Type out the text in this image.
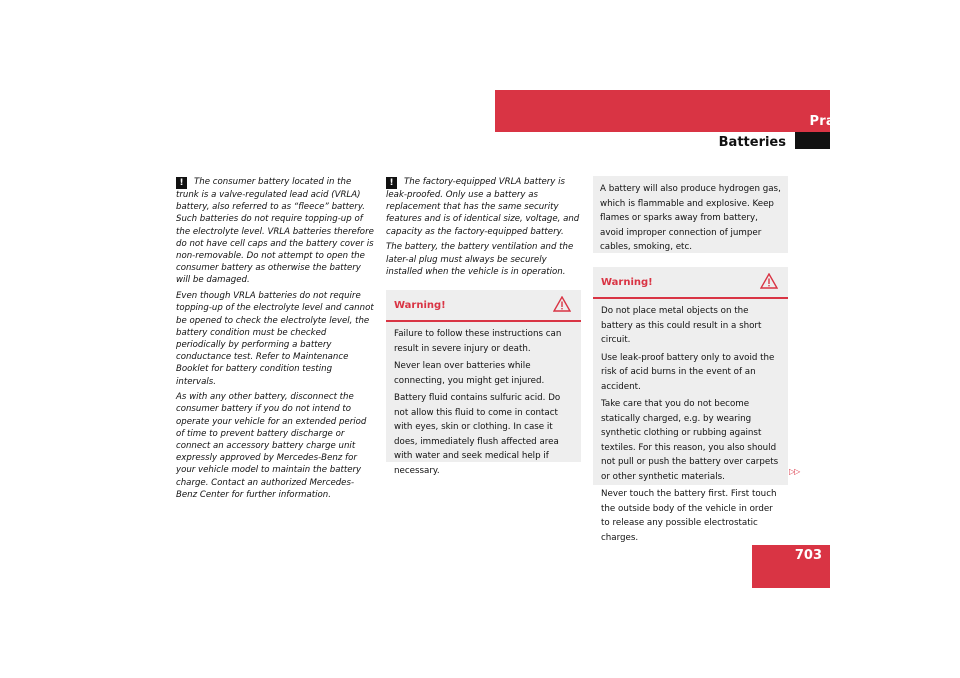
Practical hints
Batteries
703

! The consumer battery located in the trunk is a valve-regulated lead acid (VRLA) battery, also referred to as “fleece” battery. Such batteries do not require topping-up of the electrolyte level. VRLA batteries therefore do not have cell caps and the battery cover is non-removable. Do not attempt to open the consumer battery as otherwise the battery will be damaged.

Even though VRLA batteries do not require topping-up of the electrolyte level and cannot be opened to check the electrolyte level, the battery condition must be checked periodically by performing a battery conductance test. Refer to Maintenance Booklet for battery condition testing intervals.

As with any other battery, disconnect the consumer battery if you do not intend to operate your vehicle for an extended period of time to prevent battery discharge or connect an accessory battery charge unit expressly approved by Mercedes-Benz for your vehicle model to maintain the battery charge. Contact an authorized Mercedes-Benz Center for further information.

! The factory-equipped VRLA battery is leak-proofed. Only use a battery as replacement that has the same security features and is of identical size, voltage, and capacity as the factory-equipped battery.

The battery, the battery ventilation and the later-al plug must always be securely installed when the vehicle is in operation.

Warning!

Failure to follow these instructions can result in severe injury or death.

Never lean over batteries while connecting, you might get injured.

Battery fluid contains sulfuric acid. Do not allow this fluid to come in contact with eyes, skin or clothing. In case it does, immediately flush affected area with water and seek medical help if necessary.

A battery will also produce hydrogen gas, which is flammable and explosive. Keep flames or sparks away from battery, avoid improper connection of jumper cables, smoking, etc.

Warning!

Do not place metal objects on the battery as this could result in a short circuit.

Use leak-proof battery only to avoid the risk of acid burns in the event of an accident.

Take care that you do not become statically charged, e.g. by wearing synthetic clothing or rubbing against textiles. For this reason, you also should not pull or push the battery over carpets or other synthetic materials.

Never touch the battery first. First touch the outside body of the vehicle in order to release any possible electrostatic charges.

▷▷
